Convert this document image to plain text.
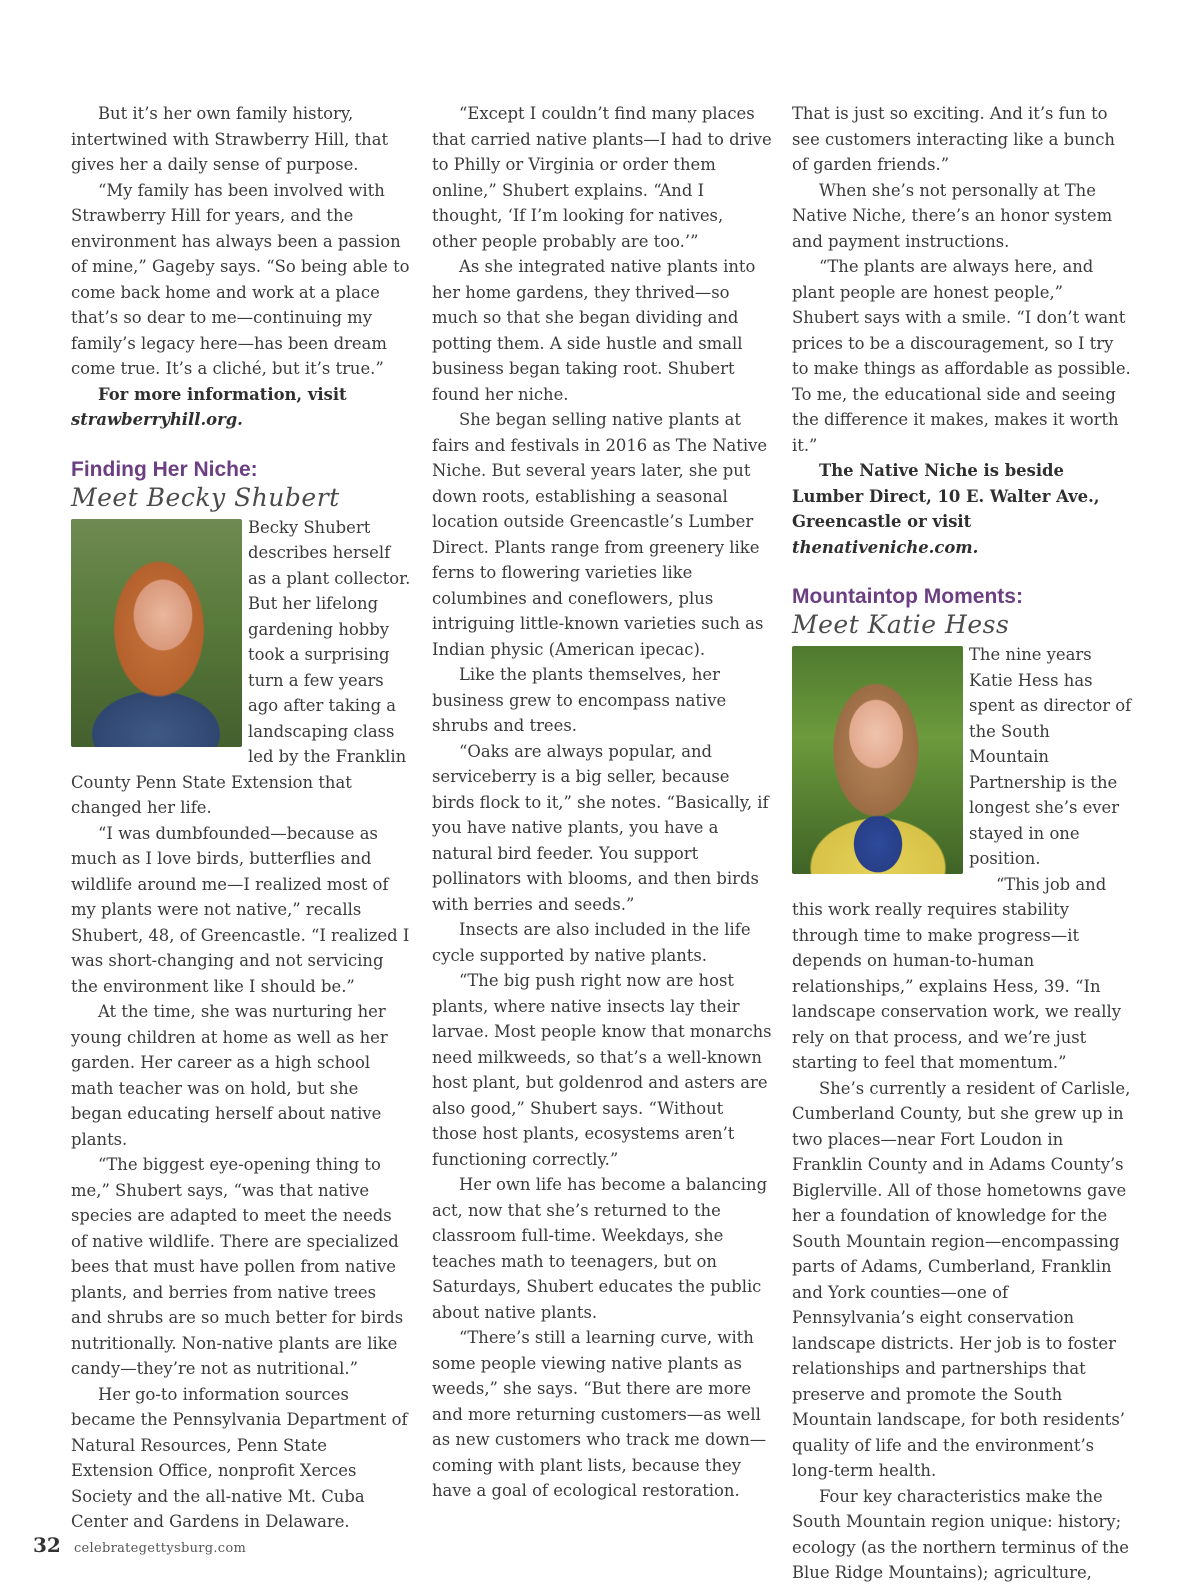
But it’s her own family history, intertwined with Strawberry Hill, that gives her a daily sense of purpose.

“My family has been involved with Strawberry Hill for years, and the environment has always been a passion of mine,” Gageby says. “So being able to come back home and work at a place that’s so dear to me—continuing my family’s legacy here—has been dream come true. It’s a cliché, but it’s true.”

For more information, visit
strawberryhill.org.

Finding Her Niche:
Meet Becky Shubert

Becky Shubert describes herself as a plant collector. But her lifelong gardening hobby took a surprising turn a few years ago after taking a landscaping class led by the Franklin County Penn State Extension that changed her life.

“I was dumbfounded—because as much as I love birds, butterflies and wildlife around me—I realized most of my plants were not native,” recalls Shubert, 48, of Greencastle. “I realized I was short-changing and not servicing the environment like I should be.”

At the time, she was nurturing her young children at home as well as her garden. Her career as a high school math teacher was on hold, but she began educating herself about native plants.

“The biggest eye-opening thing to me,” Shubert says, “was that native species are adapted to meet the needs of native wildlife. There are specialized bees that must have pollen from native plants, and berries from native trees and shrubs are so much better for birds nutritionally. Non-native plants are like candy—they’re not as nutritional.”

Her go-to information sources became the Pennsylvania Department of Natural Resources, Penn State Extension Office, nonprofit Xerces Society and the all-native Mt. Cuba Center and Gardens in Delaware.

“Except I couldn’t find many places that carried native plants—I had to drive to Philly or Virginia or order them online,” Shubert explains. “And I thought, ‘If I’m looking for natives, other people probably are too.’”

As she integrated native plants into her home gardens, they thrived—so much so that she began dividing and potting them. A side hustle and small business began taking root. Shubert found her niche.

She began selling native plants at fairs and festivals in 2016 as The Native Niche. But several years later, she put down roots, establishing a seasonal location outside Greencastle’s Lumber Direct. Plants range from greenery like ferns to flowering varieties like columbines and coneflowers, plus intriguing little-known varieties such as Indian physic (American ipecac).

Like the plants themselves, her business grew to encompass native shrubs and trees.

“Oaks are always popular, and serviceberry is a big seller, because birds flock to it,” she notes. “Basically, if you have native plants, you have a natural bird feeder. You support pollinators with blooms, and then birds with berries and seeds.”

Insects are also included in the life cycle supported by native plants.

“The big push right now are host plants, where native insects lay their larvae. Most people know that monarchs need milkweeds, so that’s a well-known host plant, but goldenrod and asters are also good,” Shubert says. “Without those host plants, ecosystems aren’t functioning correctly.”

Her own life has become a balancing act, now that she’s returned to the classroom full-time. Weekdays, she teaches math to teenagers, but on Saturdays, Shubert educates the public about native plants.

“There’s still a learning curve, with some people viewing native plants as weeds,” she says. “But there are more and more returning customers—as well as new customers who track me down—coming with plant lists, because they have a goal of ecological restoration.

That is just so exciting. And it’s fun to see customers interacting like a bunch of garden friends.”

When she’s not personally at The Native Niche, there’s an honor system and payment instructions.

“The plants are always here, and plant people are honest people,” Shubert says with a smile. “I don’t want prices to be a discouragement, so I try to make things as affordable as possible. To me, the educational side and seeing the difference it makes, makes it worth it.”

The Native Niche is beside Lumber Direct, 10 E. Walter Ave., Greencastle or visit thenativeniche.com.

Mountaintop Moments:
Meet Katie Hess

The nine years Katie Hess has spent as director of the South Mountain Partnership is the longest she’s ever stayed in one position.

“This job and this work really requires stability through time to make progress—it depends on human-to-human relationships,” explains Hess, 39. “In landscape conservation work, we really rely on that process, and we’re just starting to feel that momentum.”

She’s currently a resident of Carlisle, Cumberland County, but she grew up in two places—near Fort Loudon in Franklin County and in Adams County’s Biglerville. All of those hometowns gave her a foundation of knowledge for the South Mountain region—encompassing parts of Adams, Cumberland, Franklin and York counties—one of Pennsylvania’s eight conservation landscape districts. Her job is to foster relationships and partnerships that preserve and promote the South Mountain landscape, for both residents’ quality of life and the environment’s long-term health.

Four key characteristics make the South Mountain region unique: history; ecology (as the northern terminus of the Blue Ridge Mountains); agriculture,

32 celebrategettysburg.com
